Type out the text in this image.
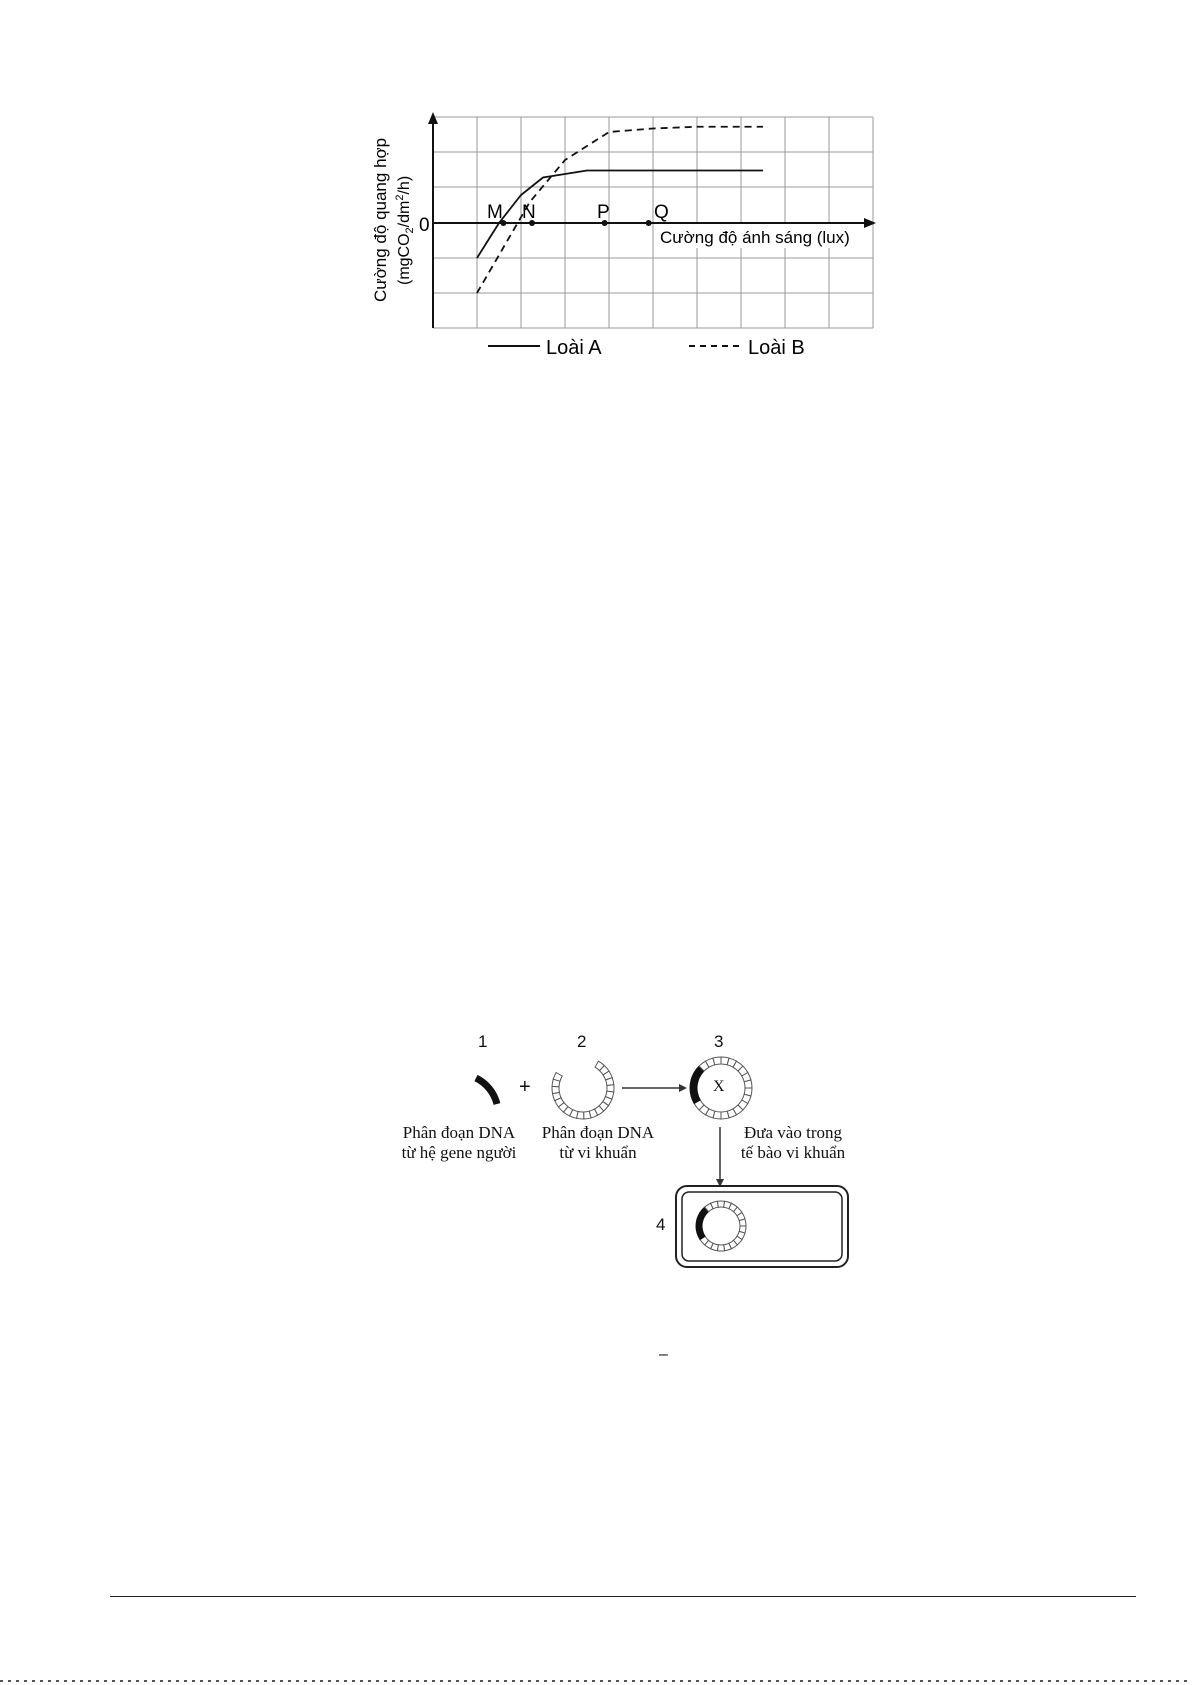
0
M N	P Q
Cường độ ánh sáng (lux)
Cường độ quang hợp $(mgCO_2/dm^2/h)$
Loài A	Loài B
1	2	3
4
+	X
Phân đoạn DNA
từ hệ gene người
Phân đoạn DNA
từ vi khuẩn
Đưa vào trong
tế bào vi khuẩn
–
